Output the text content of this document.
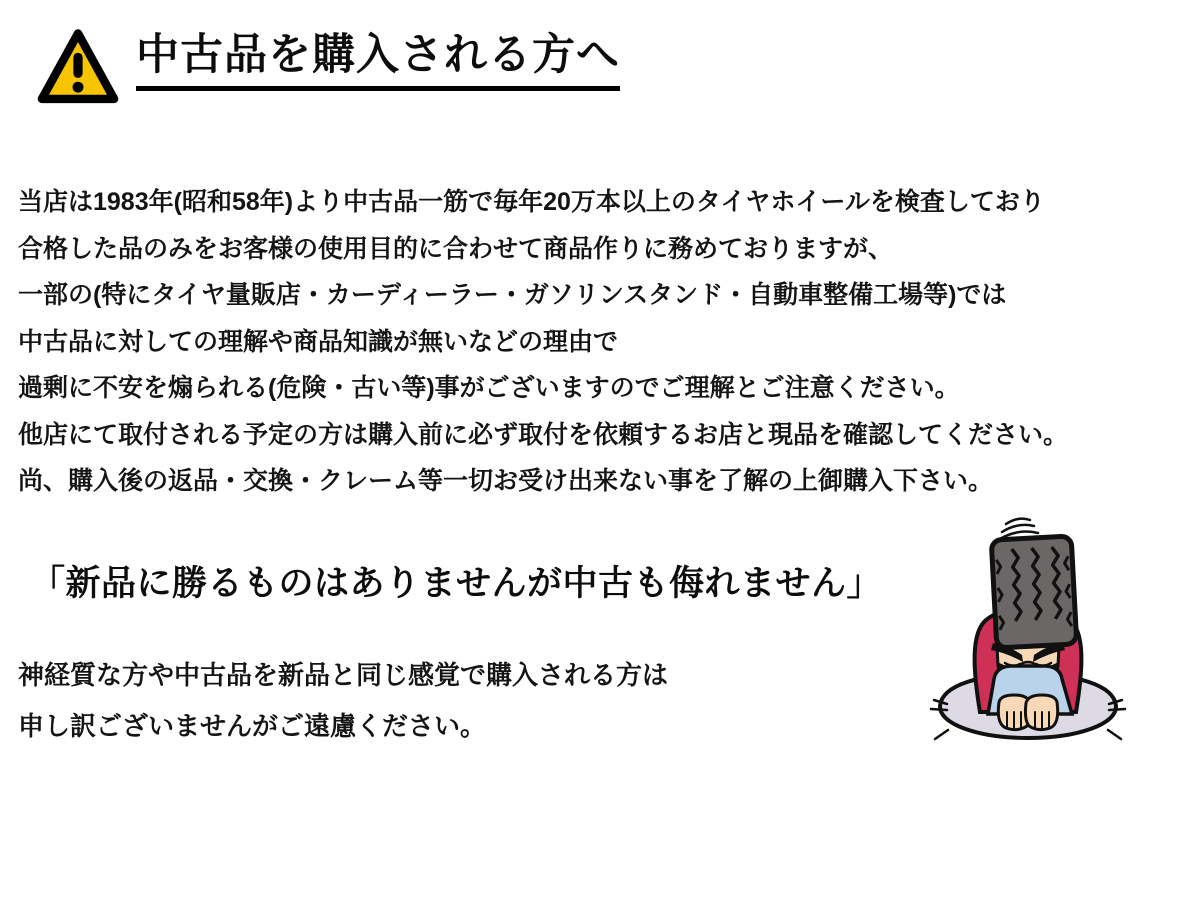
中古品を購入される方へ
当店は1983年(昭和58年)より中古品一筋で毎年20万本以上のタイヤホイールを検査しており
合格した品のみをお客様の使用目的に合わせて商品作りに務めておりますが、
一部の(特にタイヤ量販店・カーディーラー・ガソリンスタンド・自動車整備工場等)では
中古品に対しての理解や商品知識が無いなどの理由で
過剰に不安を煽られる(危険・古い等)事がございますのでご理解とご注意ください。
他店にて取付される予定の方は購入前に必ず取付を依頼するお店と現品を確認してください。
尚、購入後の返品・交換・クレーム等一切お受け出来ない事を了解の上御購入下さい。
「新品に勝るものはありませんが中古も侮れません」
神経質な方や中古品を新品と同じ感覚で購入される方は
申し訳ございませんがご遠慮ください。
